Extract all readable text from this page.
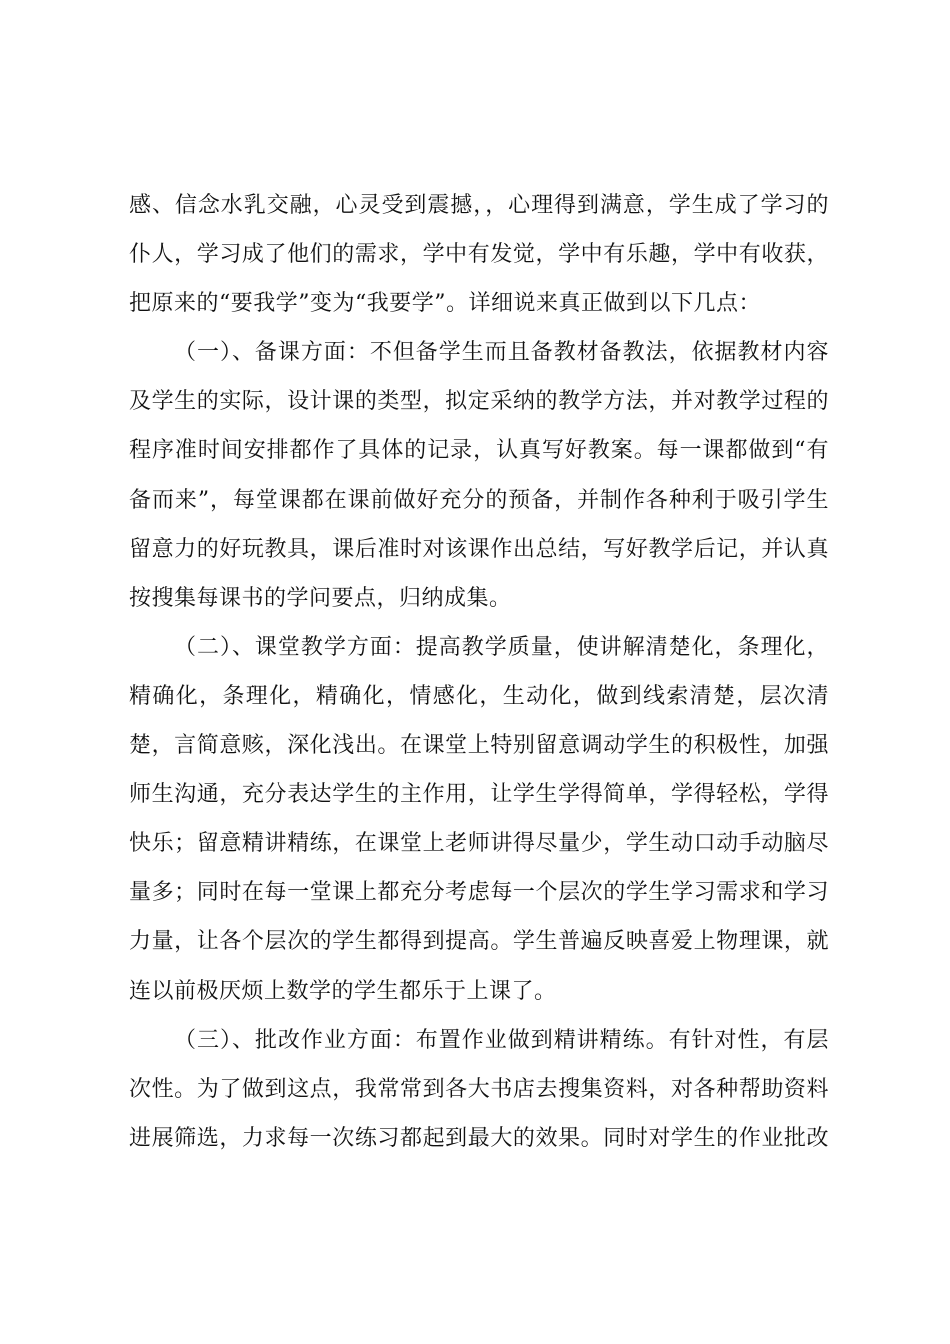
感、信念水乳交融，心灵受到震撼，，心理得到满意，学生成了学习的
仆人，学习成了他们的需求，学中有发觉，学中有乐趣，学中有收获，
把原来的“要我学”变为“我要学”。详细说来真正做到以下几点：
（一）、备课方面：不但备学生而且备教材备教法，依据教材内容
及学生的实际，设计课的类型，拟定采纳的教学方法，并对教学过程的
程序准时间安排都作了具体的记录，认真写好教案。每一课都做到“有
备而来”，每堂课都在课前做好充分的预备，并制作各种利于吸引学生
留意力的好玩教具，课后准时对该课作出总结，写好教学后记，并认真
按搜集每课书的学问要点，归纳成集。
（二）、课堂教学方面：提高教学质量，使讲解清楚化，条理化，
精确化，条理化，精确化，情感化，生动化，做到线索清楚，层次清
楚，言简意赅，深化浅出。在课堂上特别留意调动学生的积极性，加强
师生沟通，充分表达学生的主作用，让学生学得简单，学得轻松，学得
快乐；留意精讲精练，在课堂上老师讲得尽量少，学生动口动手动脑尽
量多；同时在每一堂课上都充分考虑每一个层次的学生学习需求和学习
力量，让各个层次的学生都得到提高。学生普遍反映喜爱上物理课，就
连以前极厌烦上数学的学生都乐于上课了。
（三）、批改作业方面：布置作业做到精讲精练。有针对性，有层
次性。为了做到这点，我常常到各大书店去搜集资料，对各种帮助资料
进展筛选，力求每一次练习都起到最大的效果。同时对学生的作业批改
